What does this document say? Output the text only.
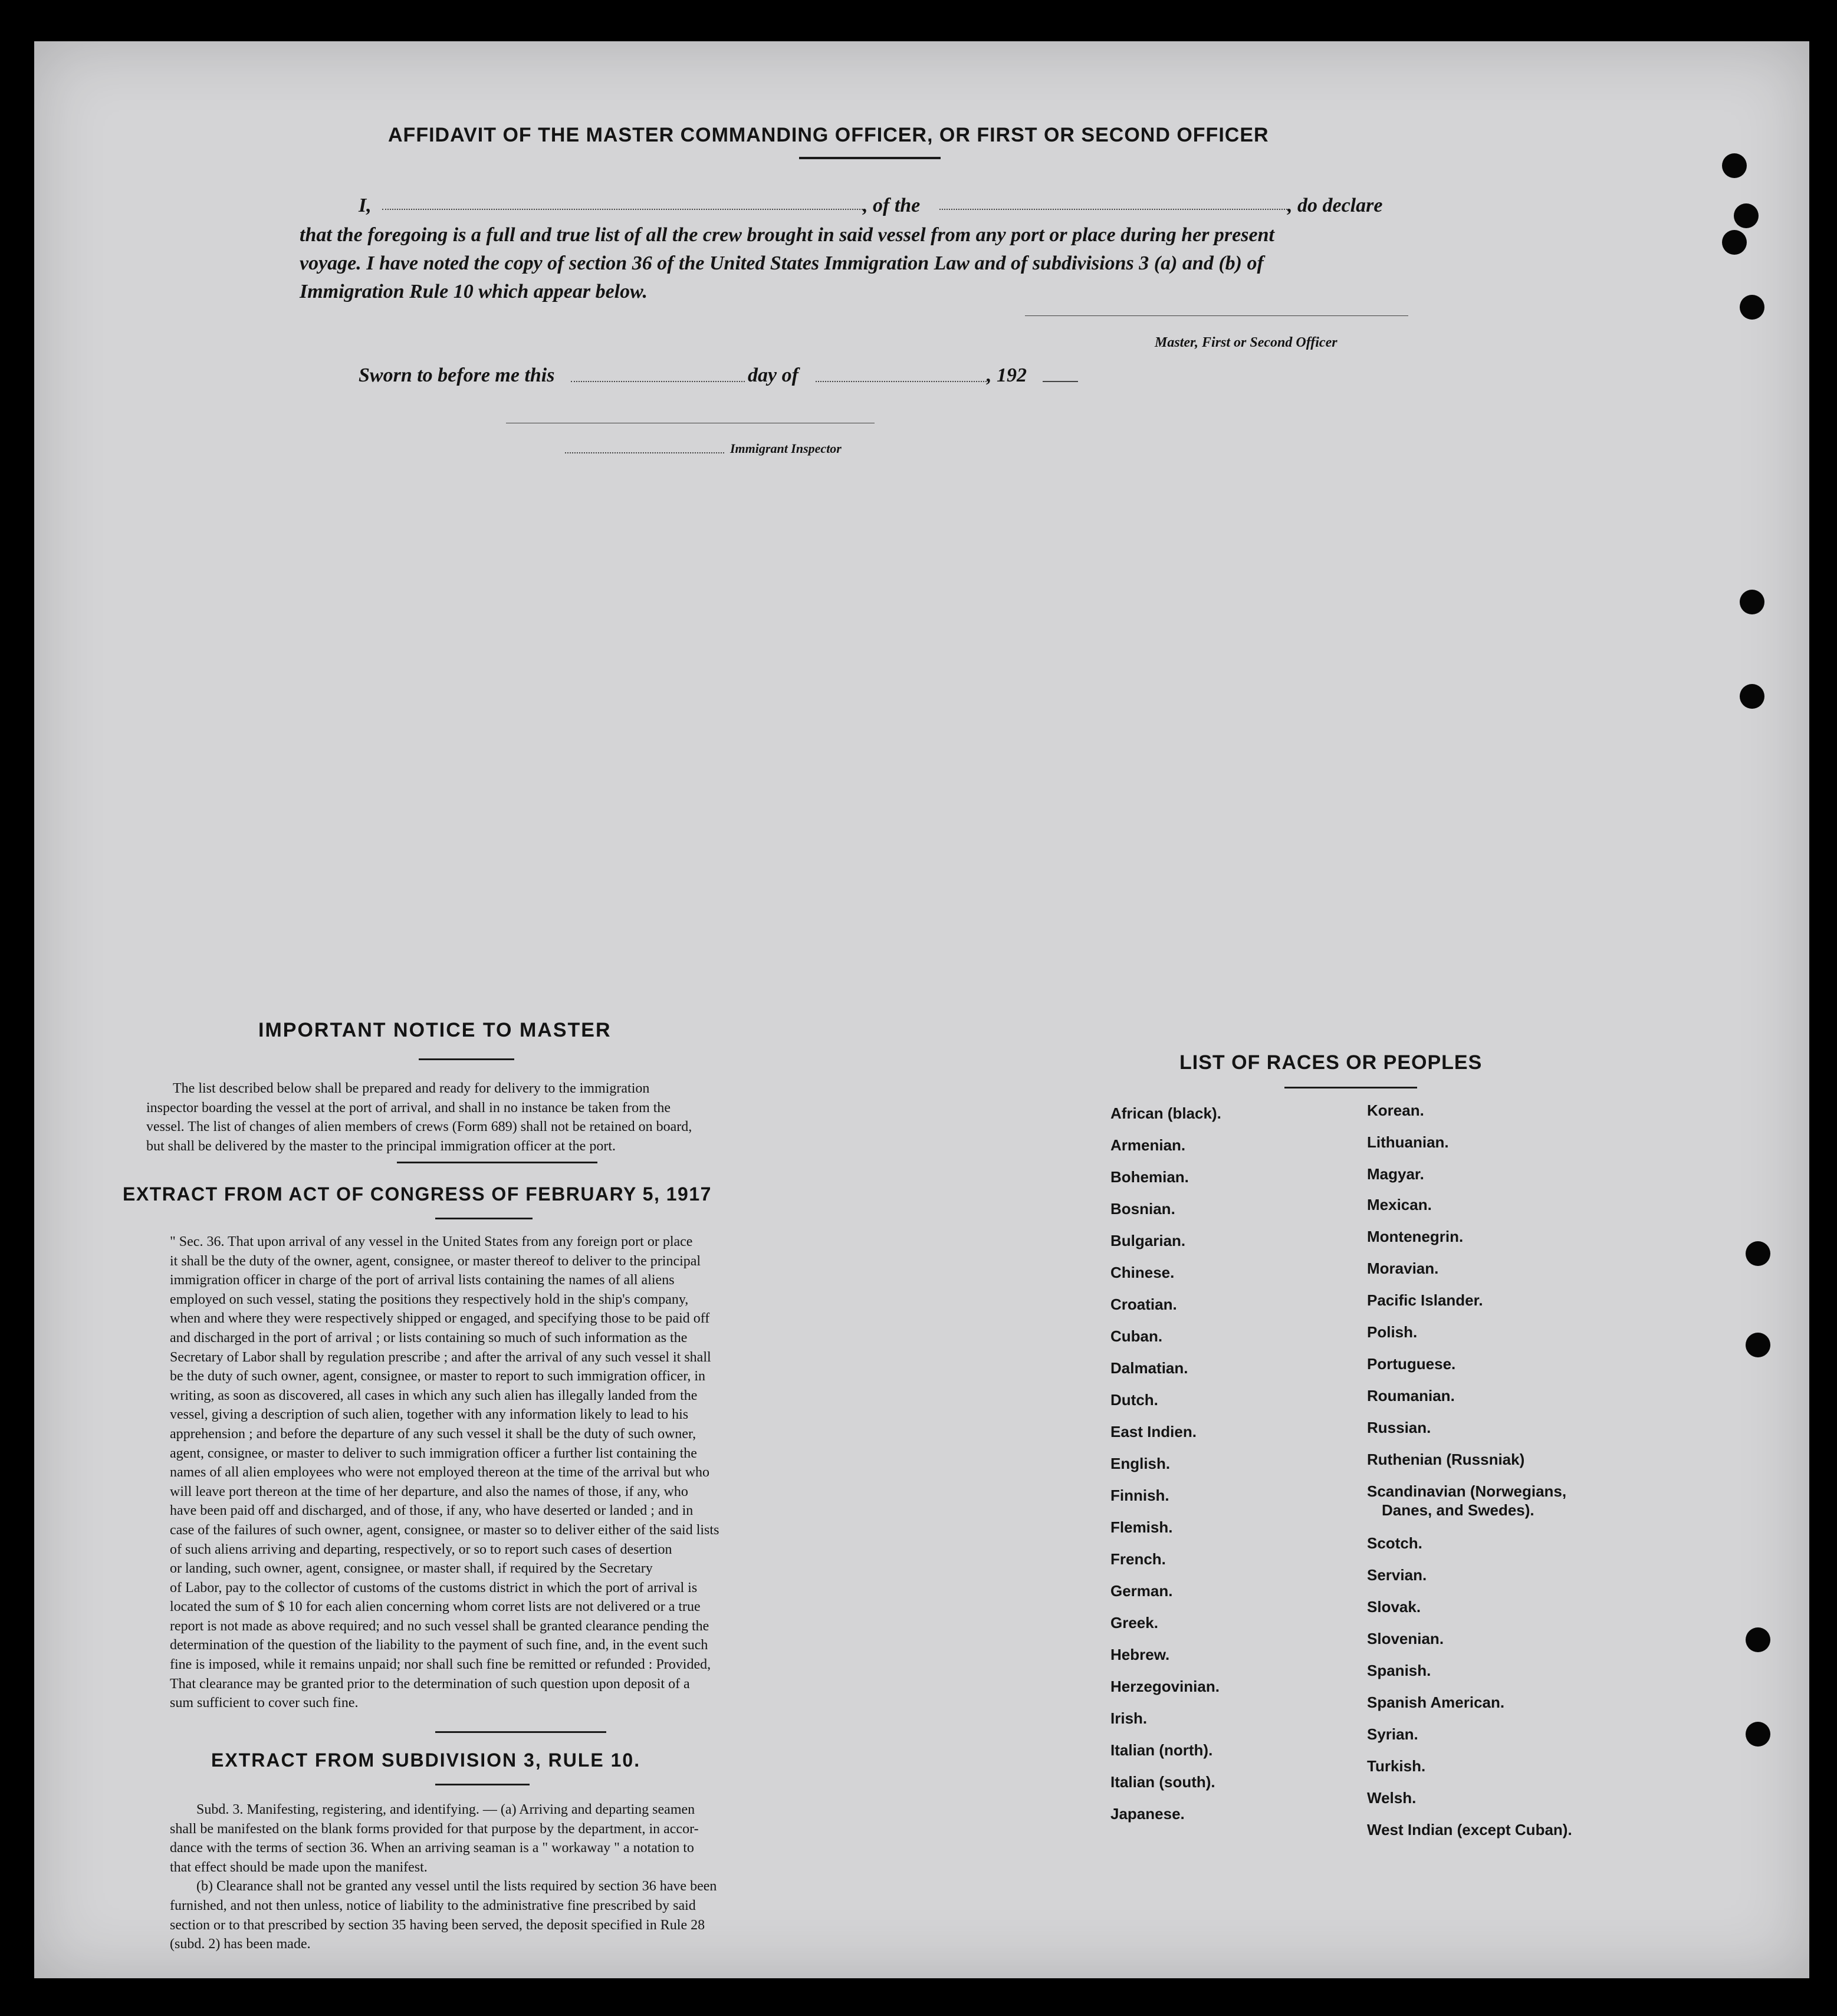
AFFIDAVIT OF THE MASTER COMMANDING OFFICER, OR FIRST OR SECOND OFFICER
I,	, of the	, do declare
that the foregoing is a full and true list of all the crew brought in said vessel from any port or place during her present
voyage. I have noted the copy of section 36 of the United States Immigration Law and of subdivisions 3 (a) and (b) of
Immigration Rule 10 which appear below.
Master, First or Second Officer
Sworn to before me this	day of	, 192
Immigrant Inspector
IMPORTANT NOTICE TO MASTER
The list described below shall be prepared and ready for delivery to the immigration
inspector boarding the vessel at the port of arrival, and shall in no instance be taken from the
vessel. The list of changes of alien members of crews (Form 689) shall not be retained on board,
but shall be delivered by the master to the principal immigration officer at the port.
EXTRACT FROM ACT OF CONGRESS OF FEBRUARY 5, 1917
" Sec. 36. That upon arrival of any vessel in the United States from any foreign port or place
it shall be the duty of the owner, agent, consignee, or master thereof to deliver to the principal
immigration officer in charge of the port of arrival lists containing the names of all aliens
employed on such vessel, stating the positions they respectively hold in the ship's company,
when and where they were respectively shipped or engaged, and specifying those to be paid off
and discharged in the port of arrival ; or lists containing so much of such information as the
Secretary of Labor shall by regulation prescribe ; and after the arrival of any such vessel it shall
be the duty of such owner, agent, consignee, or master to report to such immigration officer, in
writing, as soon as discovered, all cases in which any such alien has illegally landed from the
vessel, giving a description of such alien, together with any information likely to lead to his
apprehension ; and before the departure of any such vessel it shall be the duty of such owner,
agent, consignee, or master to deliver to such immigration officer a further list containing the
names of all alien employees who were not employed thereon at the time of the arrival but who
will leave port thereon at the time of her departure, and also the names of those, if any, who
have been paid off and discharged, and of those, if any, who have deserted or landed ; and in
case of the failures of such owner, agent, consignee, or master so to deliver either of the said lists
of such aliens arriving and departing, respectively, or so to report such cases of desertion
or landing, such owner, agent, consignee, or master shall, if required by the Secretary
of Labor, pay to the collector of customs of the customs district in which the port of arrival is
located the sum of $ 10 for each alien concerning whom corret lists are not delivered or a true
report is not made as above required; and no such vessel shall be granted clearance pending the
determination of the question of the liability to the payment of such fine, and, in the event such
fine is imposed, while it remains unpaid; nor shall such fine be remitted or refunded : Provided,
That clearance may be granted prior to the determination of such question upon deposit of a
sum sufficient to cover such fine.
EXTRACT FROM SUBDIVISION 3, RULE 10.
Subd. 3. Manifesting, registering, and identifying. — (a) Arriving and departing seamen
shall be manifested on the blank forms provided for that purpose by the department, in accor-
dance with the terms of section 36. When an arriving seaman is a " workaway " a notation to
that effect should be made upon the manifest.
(b) Clearance shall not be granted any vessel until the lists required by section 36 have been
furnished, and not then unless, notice of liability to the administrative fine prescribed by said
section or to that prescribed by section 35 having been served, the deposit specified in Rule 28
(subd. 2) has been made.
LIST OF RACES OR PEOPLES
African (black).
Armenian.
Bohemian.
Bosnian.
Bulgarian.
Chinese.
Croatian.
Cuban.
Dalmatian.
Dutch.
East Indien.
English.
Finnish.
Flemish.
French.
German.
Greek.
Hebrew.
Herzegovinian.
Irish.
Italian (north).
Italian (south).
Japanese.
Korean.
Lithuanian.
Magyar.
Mexican.
Montenegrin.
Moravian.
Pacific Islander.
Polish.
Portuguese.
Roumanian.
Russian.
Ruthenian (Russniak)
Scandinavian (Norwegians,
Danes, and Swedes).
Scotch.
Servian.
Slovak.
Slovenian.
Spanish.
Spanish American.
Syrian.
Turkish.
Welsh.
West Indian (except Cuban).
